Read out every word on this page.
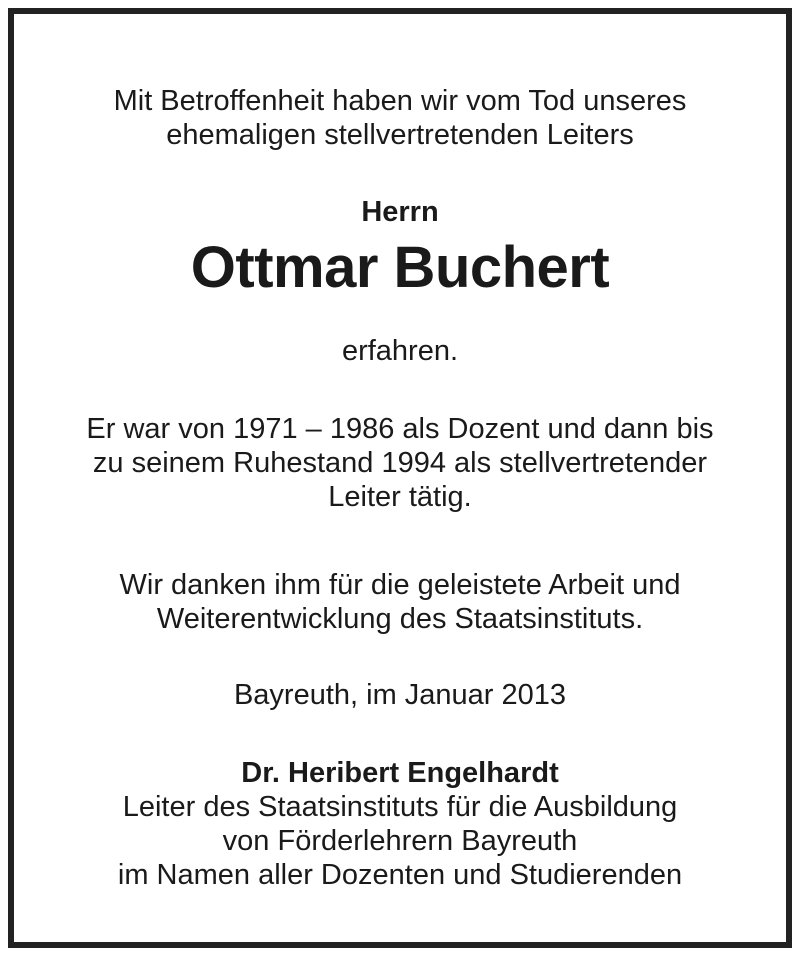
Mit Betroffenheit haben wir vom Tod unseres
ehemaligen stellvertretenden Leiters
Herrn
Ottmar Buchert
erfahren.
Er war von 1971 – 1986 als Dozent und dann bis
zu seinem Ruhestand 1994 als stellvertretender
Leiter tätig.
Wir danken ihm für die geleistete Arbeit und
Weiterentwicklung des Staatsinstituts.
Bayreuth, im Januar 2013
Dr. Heribert Engelhardt
Leiter des Staatsinstituts für die Ausbildung
von Förderlehrern Bayreuth
im Namen aller Dozenten und Studierenden
